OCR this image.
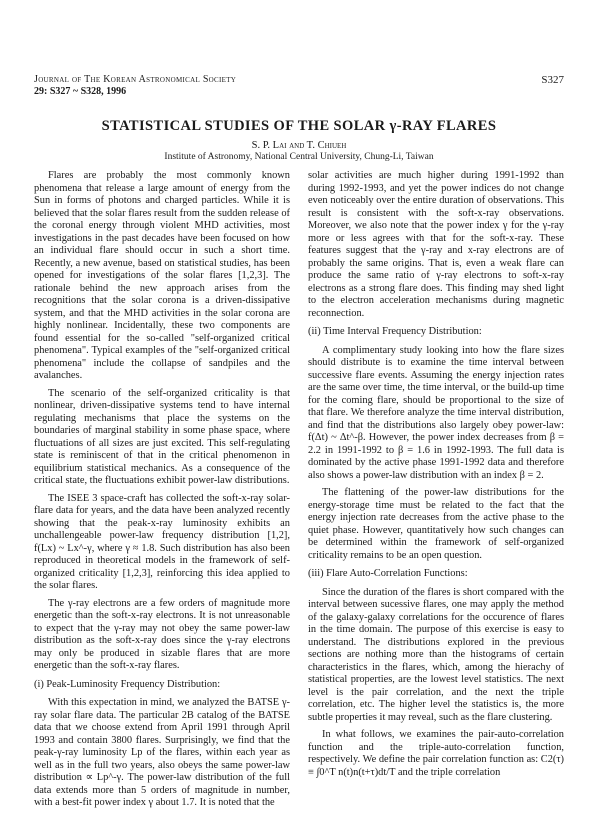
Journal of The Korean Astronomical Society
29: S327 ~ S328, 1996
S327
STATISTICAL STUDIES OF THE SOLAR γ-RAY FLARES
S. P. Lai and T. Chiueh
Institute of Astronomy, National Central University, Chung-Li, Taiwan

Flares are probably the most commonly known phenomena that release a large amount of energy from the Sun in forms of photons and charged particles. While it is believed that the solar flares result from the sudden release of the coronal energy through violent MHD activities, most investigations in the past decades have been focused on how an individual flare should occur in such a short time. Recently, a new avenue, based on statistical studies, has been opened for investigations of the solar flares [1,2,3]. The rationale behind the new approach arises from the recognitions that the solar corona is a driven-dissipative system, and that the MHD activities in the solar corona are highly nonlinear. Incidentally, these two components are found essential for the so-called "self-organized critical phenomena". Typical examples of the "self-organized critical phenomena" include the collapse of sandpiles and the avalanches.

The scenario of the self-organized criticality is that nonlinear, driven-dissipative systems tend to have internal regulating mechanisms that place the systems on the boundaries of marginal stability in some phase space, where fluctuations of all sizes are just excited. This self-regulating state is reminiscent of that in the critical phenomenon in equilibrium statistical mechanics. As a consequence of the critical state, the fluctuations exhibit power-law distributions.

The ISEE 3 space-craft has collected the soft-x-ray solar-flare data for years, and the data have been analyzed recently showing that the peak-x-ray luminosity exhibits an unchallengeable power-law frequency distribution [1,2], f(Lx) ~ Lx^-γ, where γ ≈ 1.8. Such distribution has also been reproduced in theoretical models in the framework of self-organized criticality [1,2,3], reinforcing this idea applied to the solar flares.

The γ-ray electrons are a few orders of magnitude more energetic than the soft-x-ray electrons. It is not unreasonable to expect that the γ-ray may not obey the same power-law distribution as the soft-x-ray does since the γ-ray electrons may only be produced in sizable flares that are more energetic than the soft-x-ray flares.

(i) Peak-Luminosity Frequency Distribution:

With this expectation in mind, we analyzed the BATSE γ-ray solar flare data. The particular 2B catalog of the BATSE data that we choose extend from April 1991 through April 1993 and contain 3800 flares. Surprisingly, we find that the peak-γ-ray luminosity Lp of the flares, within each year as well as in the full two years, also obeys the same power-law distribution ∝ Lp^-γ. The power-law distribution of the full data extends more than 5 orders of magnitude in number, with a best-fit power index γ about 1.7. It is noted that the

solar activities are much higher during 1991-1992 than during 1992-1993, and yet the power indices do not change even noticeably over the entire duration of observations. This result is consistent with the soft-x-ray observations. Moreover, we also note that the power index γ for the γ-ray more or less agrees with that for the soft-x-ray. These features suggest that the γ-ray and x-ray electrons are of probably the same origins. That is, even a weak flare can produce the same ratio of γ-ray electrons to soft-x-ray electrons as a strong flare does. This finding may shed light to the electron acceleration mechanisms during magnetic reconnection.

(ii) Time Interval Frequency Distribution:

A complimentary study looking into how the flare sizes should distribute is to examine the time interval between successive flare events. Assuming the energy injection rates are the same over time, the time interval, or the build-up time for the coming flare, should be proportional to the size of that flare. We therefore analyze the time interval distribution, and find that the distributions also largely obey power-law: f(Δt) ~ Δt^-β. However, the power index decreases from β = 2.2 in 1991-1992 to β = 1.6 in 1992-1993. The full data is dominated by the active phase 1991-1992 data and therefore also shows a power-law distribution with an index β = 2.

The flattening of the power-law distributions for the energy-storage time must be related to the fact that the energy injection rate decreases from the active phase to the quiet phase. However, quantitatively how such changes can be determined within the framework of self-organized criticality remains to be an open question.

(iii) Flare Auto-Correlation Functions:

Since the duration of the flares is short compared with the interval between sucessive flares, one may apply the method of the galaxy-galaxy correlations for the occurence of flares in the time domain. The purpose of this exercise is easy to understand. The distributions explored in the previous sections are nothing more than the histograms of certain characteristics in the flares, which, among the hierachy of statistical properties, are the lowest level statistics. The next level is the pair correlation, and the next the triple correlation, etc. The higher level the statistics is, the more subtle properties it may reveal, such as the flare clustering.

In what follows, we examines the pair-auto-correlation function and the triple-auto-correlation function, respectively. We define the pair correlation function as: C2(τ) ≡ ∫0^T n(t)n(t+τ)dt/T and the triple correlation
